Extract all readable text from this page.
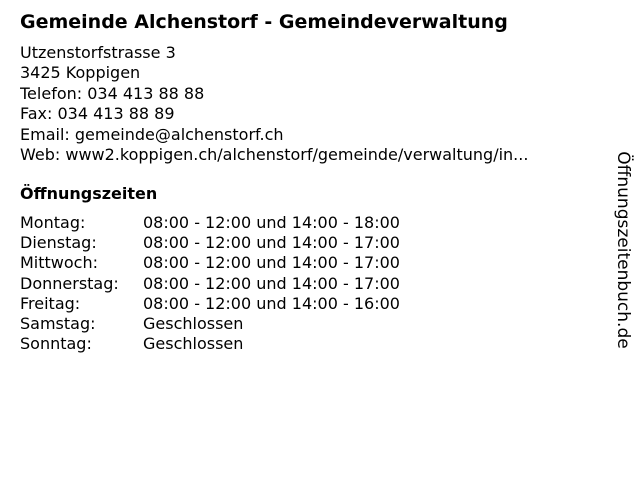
Gemeinde Alchenstorf - Gemeindeverwaltung
Utzenstorfstrasse 3
3425 Koppigen
Telefon: 034 413 88 88
Fax: 034 413 88 89
Email: gemeinde@alchenstorf.ch
Web: www2.koppigen.ch/alchenstorf/gemeinde/verwaltung/in...
Öffnungszeiten
Montag:	08:00 - 12:00 und 14:00 - 18:00
Dienstag:	08:00 - 12:00 und 14:00 - 17:00
Mittwoch:	08:00 - 12:00 und 14:00 - 17:00
Donnerstag:	08:00 - 12:00 und 14:00 - 17:00
Freitag:	08:00 - 12:00 und 14:00 - 16:00
Samstag:	Geschlossen
Sonntag:	Geschlossen	Öffnungszeitenbuch.de
